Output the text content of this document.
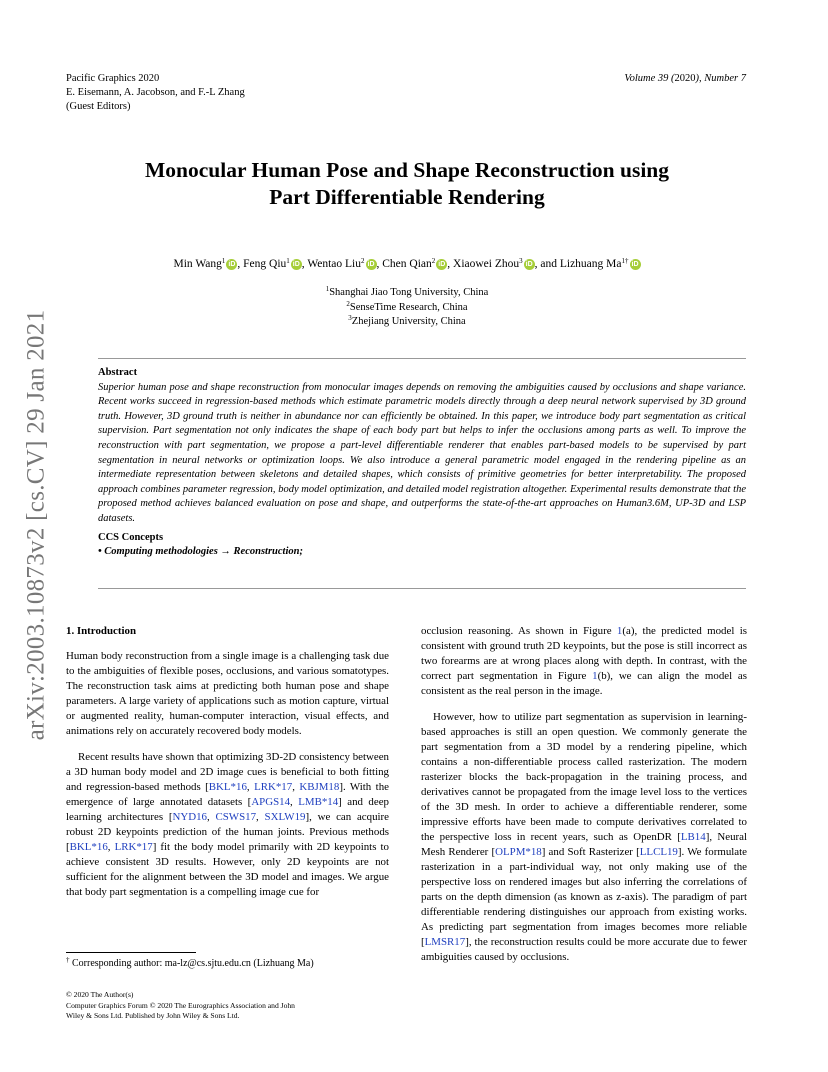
Pacific Graphics 2020
E. Eisemann, A. Jacobson, and F.-L Zhang
(Guest Editors)
Volume 39 (2020), Number 7
arXiv:2003.10873v2 [cs.CV] 29 Jan 2021
Monocular Human Pose and Shape Reconstruction using
Part Differentiable Rendering
Min Wang$^1$ iD , Feng Qiu$^1$ iD , Wentao Liu$^2$ iD , Chen Qian$^2$ iD , Xiaowei Zhou$^3$ iD , and Lizhuang $Ma^{1\dagger}$ iD
$^1$Shanghai Jiao Tong University, China
$^2$SenseTime Research, China
$^3$Zhejiang University, China
Abstract
Superior human pose and shape reconstruction from monocular images depends on removing the ambiguities caused by occlusions and shape variance. Recent works succeed in regression-based methods which estimate parametric models directly through a deep neural network supervised by 3D ground truth. However, 3D ground truth is neither in abundance nor can efficiently be obtained. In this paper, we introduce body part segmentation as critical supervision. Part segmentation not only indicates the shape of each body part but helps to infer the occlusions among parts as well. To improve the reconstruction with part segmentation, we propose a part-level differentiable renderer that enables part-based models to be supervised by part segmentation in neural networks or optimization loops. We also introduce a general parametric model engaged in the rendering pipeline as an intermediate representation between skeletons and detailed shapes, which consists of primitive geometries for better interpretability. The proposed approach combines parameter regression, body model optimization, and detailed model registration altogether. Experimental results demonstrate that the proposed method achieves balanced evaluation on pose and shape, and outperforms the state-of-the-art approaches on Human3.6M, UP-3D and LSP datasets.
CCS Concepts
• Computing methodologies → Reconstruction;
1. Introduction

Human body reconstruction from a single image is a challenging task due to the ambiguities of flexible poses, occlusions, and various somatotypes. The reconstruction task aims at predicting both human pose and shape parameters. A large variety of applications such as motion capture, virtual or augmented reality, human-computer interaction, visual effects, and animations rely on accurately recovered body models.

Recent results have shown that optimizing 3D-2D consistency between a 3D human body model and 2D image cues is beneficial to both fitting and regression-based methods [BKL*16, LRK*17, KBJM18]. With the emergence of large annotated datasets [APGS14, LMB*14] and deep learning architectures [NYD16, CSWS17, SXLW19], we can acquire robust 2D keypoints prediction of the human joints. Previous methods [BKL*16, LRK*17] fit the body model primarily with 2D keypoints to achieve consistent 3D results. However, only 2D keypoints are not sufficient for the alignment between the 3D model and images. We argue that body part segmentation is a compelling image cue for

occlusion reasoning. As shown in Figure 1(a), the predicted model is consistent with ground truth 2D keypoints, but the pose is still incorrect as two forearms are at wrong places along with depth. In contrast, with the correct part segmentation in Figure 1(b), we can align the model as consistent as the real person in the image.

However, how to utilize part segmentation as supervision in learning-based approaches is still an open question. We commonly generate the part segmentation from a 3D model by a rendering pipeline, which contains a non-differentiable process called rasterization. The modern rasterizer blocks the back-propagation in the training process, and derivatives cannot be propagated from the image level loss to the vertices of the 3D mesh. In order to achieve a differentiable renderer, some impressive efforts have been made to compute derivatives correlated to the perspective loss in recent years, such as OpenDR [LB14], Neural Mesh Renderer [OLPM*18] and Soft Rasterizer [LLCL19]. We formulate rasterization in a part-individual way, not only making use of the perspective loss on rendered images but also inferring the correlations of parts on the depth dimension (as known as z-axis). The paradigm of part differentiable rendering distinguishes our approach from existing works. As predicting part segmentation from images becomes more reliable [LMSR17], the reconstruction results could be more accurate due to fewer ambiguities caused by occlusions.

† Corresponding author: ma-lz@cs.sjtu.edu.cn (Lizhuang Ma)
© 2020 The Author(s)
Computer Graphics Forum © 2020 The Eurographics Association and John
Wiley & Sons Ltd. Published by John Wiley & Sons Ltd.
